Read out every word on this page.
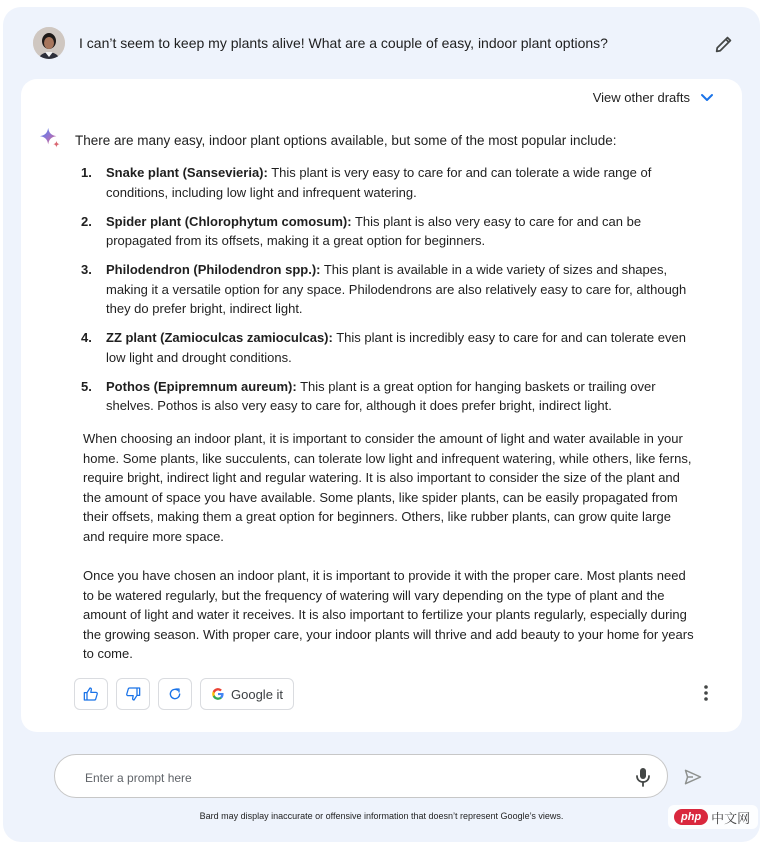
I can’t seem to keep my plants alive! What are a couple of easy, indoor plant options?
View other drafts
There are many easy, indoor plant options available, but some of the most popular include:
1. Snake plant (Sansevieria): This plant is very easy to care for and can tolerate a wide range of conditions, including low light and infrequent watering.
2. Spider plant (Chlorophytum comosum): This plant is also very easy to care for and can be propagated from its offsets, making it a great option for beginners.
3. Philodendron (Philodendron spp.): This plant is available in a wide variety of sizes and shapes, making it a versatile option for any space. Philodendrons are also relatively easy to care for, although they do prefer bright, indirect light.
4. ZZ plant (Zamioculcas zamioculcas): This plant is incredibly easy to care for and can tolerate even low light and drought conditions.
5. Pothos (Epipremnum aureum): This plant is a great option for hanging baskets or trailing over shelves. Pothos is also very easy to care for, although it does prefer bright, indirect light.

When choosing an indoor plant, it is important to consider the amount of light and water available in your home. Some plants, like succulents, can tolerate low light and infrequent watering, while others, like ferns, require bright, indirect light and regular watering. It is also important to consider the size of the plant and the amount of space you have available. Some plants, like spider plants, can be easily propagated from their offsets, making them a great option for beginners. Others, like rubber plants, can grow quite large and require more space.

Once you have chosen an indoor plant, it is important to provide it with the proper care. Most plants need to be watered regularly, but the frequency of watering will vary depending on the type of plant and the amount of light and water it receives. It is also important to fertilize your plants regularly, especially during the growing season. With proper care, your indoor plants will thrive and add beauty to your home for years to come.

Google it
Enter a prompt here
Bard may display inaccurate or offensive information that doesn’t represent Google’s views.	php 中文网
